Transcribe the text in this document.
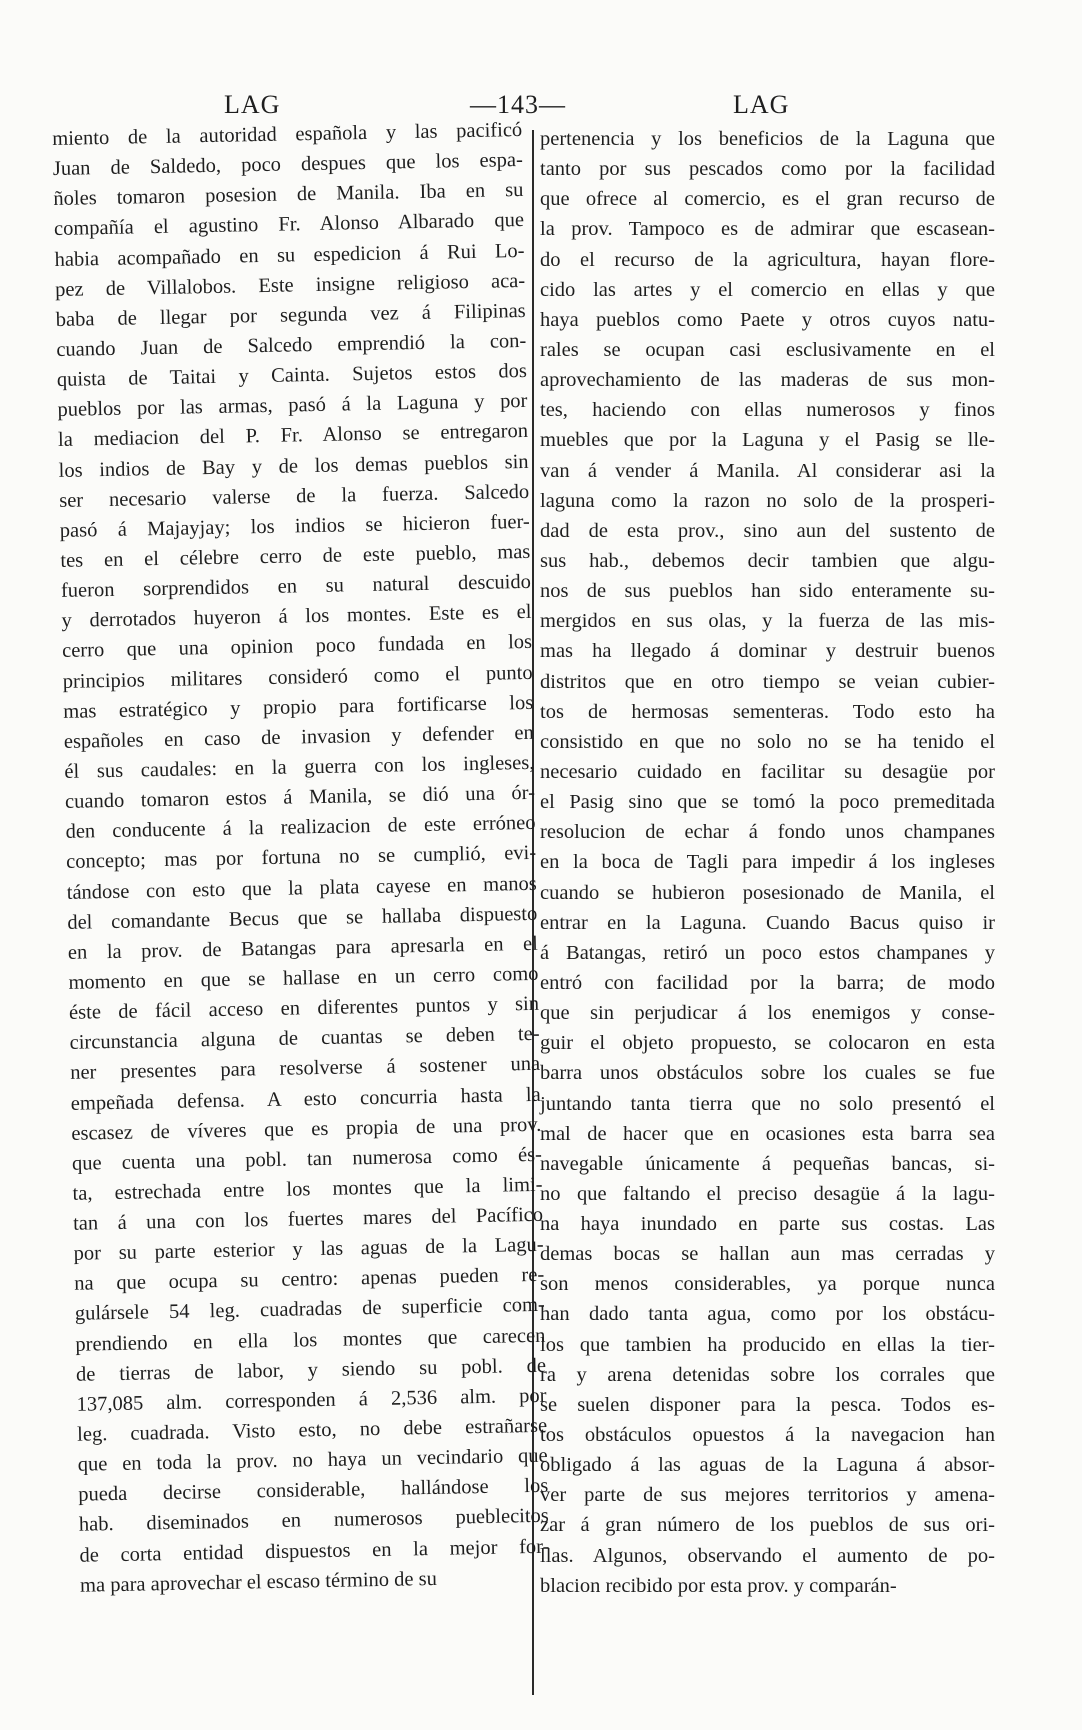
LAG	—143—	LAG
miento de la autoridad española y las pacificó
Juan de Saldedo, poco despues que los espa-
ñoles tomaron posesion de Manila. Iba en su
compañía el agustino Fr. Alonso Albarado que
habia acompañado en su espedicion á Rui Lo-
pez de Villalobos. Este insigne religioso aca-
baba de llegar por segunda vez á Filipinas
cuando Juan de Salcedo emprendió la con-
quista de Taitai y Cainta. Sujetos estos dos
pueblos por las armas, pasó á la Laguna y por
la mediacion del P. Fr. Alonso se entregaron
los indios de Bay y de los demas pueblos sin
ser necesario valerse de la fuerza. Salcedo
pasó á Majayjay; los indios se hicieron fuer-
tes en el célebre cerro de este pueblo, mas
fueron sorprendidos en su natural descuido
y derrotados huyeron á los montes. Este es el
cerro que una opinion poco fundada en los
principios militares consideró como el punto
mas estratégico y propio para fortificarse los
españoles en caso de invasion y defender en
él sus caudales: en la guerra con los ingleses,
cuando tomaron estos á Manila, se dió una ór-
den conducente á la realizacion de este erróneo
concepto; mas por fortuna no se cumplió, evi-
tándose con esto que la plata cayese en manos
del comandante Becus que se hallaba dispuesto
en la prov. de Batangas para apresarla en el
momento en que se hallase en un cerro como
éste de fácil acceso en diferentes puntos y sin
circunstancia alguna de cuantas se deben te-
ner presentes para resolverse á sostener una
empeñada defensa. A esto concurria hasta la
escasez de víveres que es propia de una prov.
que cuenta una pobl. tan numerosa como és-
ta, estrechada entre los montes que la limi-
tan á una con los fuertes mares del Pacífico
por su parte esterior y las aguas de la Lagu-
na que ocupa su centro: apenas pueden re-
gulársele 54 leg. cuadradas de superficie com-
prendiendo en ella los montes que carecen
de tierras de labor, y siendo su pobl. de
137,085 alm. corresponden á 2,536 alm. por
leg. cuadrada. Visto esto, no debe estrañarse
que en toda la prov. no haya un vecindario que
pueda decirse considerable, hallándose los
hab. diseminados en numerosos pueblecitos
de corta entidad dispuestos en la mejor for-
ma para aprovechar el escaso término de su
pertenencia y los beneficios de la Laguna que
tanto por sus pescados como por la facilidad
que ofrece al comercio, es el gran recurso de
la prov. Tampoco es de admirar que escasean-
do el recurso de la agricultura, hayan flore-
cido las artes y el comercio en ellas y que
haya pueblos como Paete y otros cuyos natu-
rales se ocupan casi esclusivamente en el
aprovechamiento de las maderas de sus mon-
tes, haciendo con ellas numerosos y finos
muebles que por la Laguna y el Pasig se lle-
van á vender á Manila. Al considerar asi la
laguna como la razon no solo de la prosperi-
dad de esta prov., sino aun del sustento de
sus hab., debemos decir tambien que algu-
nos de sus pueblos han sido enteramente su-
mergidos en sus olas, y la fuerza de las mis-
mas ha llegado á dominar y destruir buenos
distritos que en otro tiempo se veian cubier-
tos de hermosas sementeras. Todo esto ha
consistido en que no solo no se ha tenido el
necesario cuidado en facilitar su desagüe por
el Pasig sino que se tomó la poco premeditada
resolucion de echar á fondo unos champanes
en la boca de Tagli para impedir á los ingleses
cuando se hubieron posesionado de Manila, el
entrar en la Laguna. Cuando Bacus quiso ir
á Batangas, retiró un poco estos champanes y
entró con facilidad por la barra; de modo
que sin perjudicar á los enemigos y conse-
guir el objeto propuesto, se colocaron en esta
barra unos obstáculos sobre los cuales se fue
juntando tanta tierra que no solo presentó el
mal de hacer que en ocasiones esta barra sea
navegable únicamente á pequeñas bancas, si-
no que faltando el preciso desagüe á la lagu-
na haya inundado en parte sus costas. Las
demas bocas se hallan aun mas cerradas y
son menos considerables, ya porque nunca
han dado tanta agua, como por los obstácu-
los que tambien ha producido en ellas la tier-
ra y arena detenidas sobre los corrales que
se suelen disponer para la pesca. Todos es-
tos obstáculos opuestos á la navegacion han
obligado á las aguas de la Laguna á absor-
ver parte de sus mejores territorios y amena-
zar á gran número de los pueblos de sus ori-
llas. Algunos, observando el aumento de po-
blacion recibido por esta prov. y comparán-
